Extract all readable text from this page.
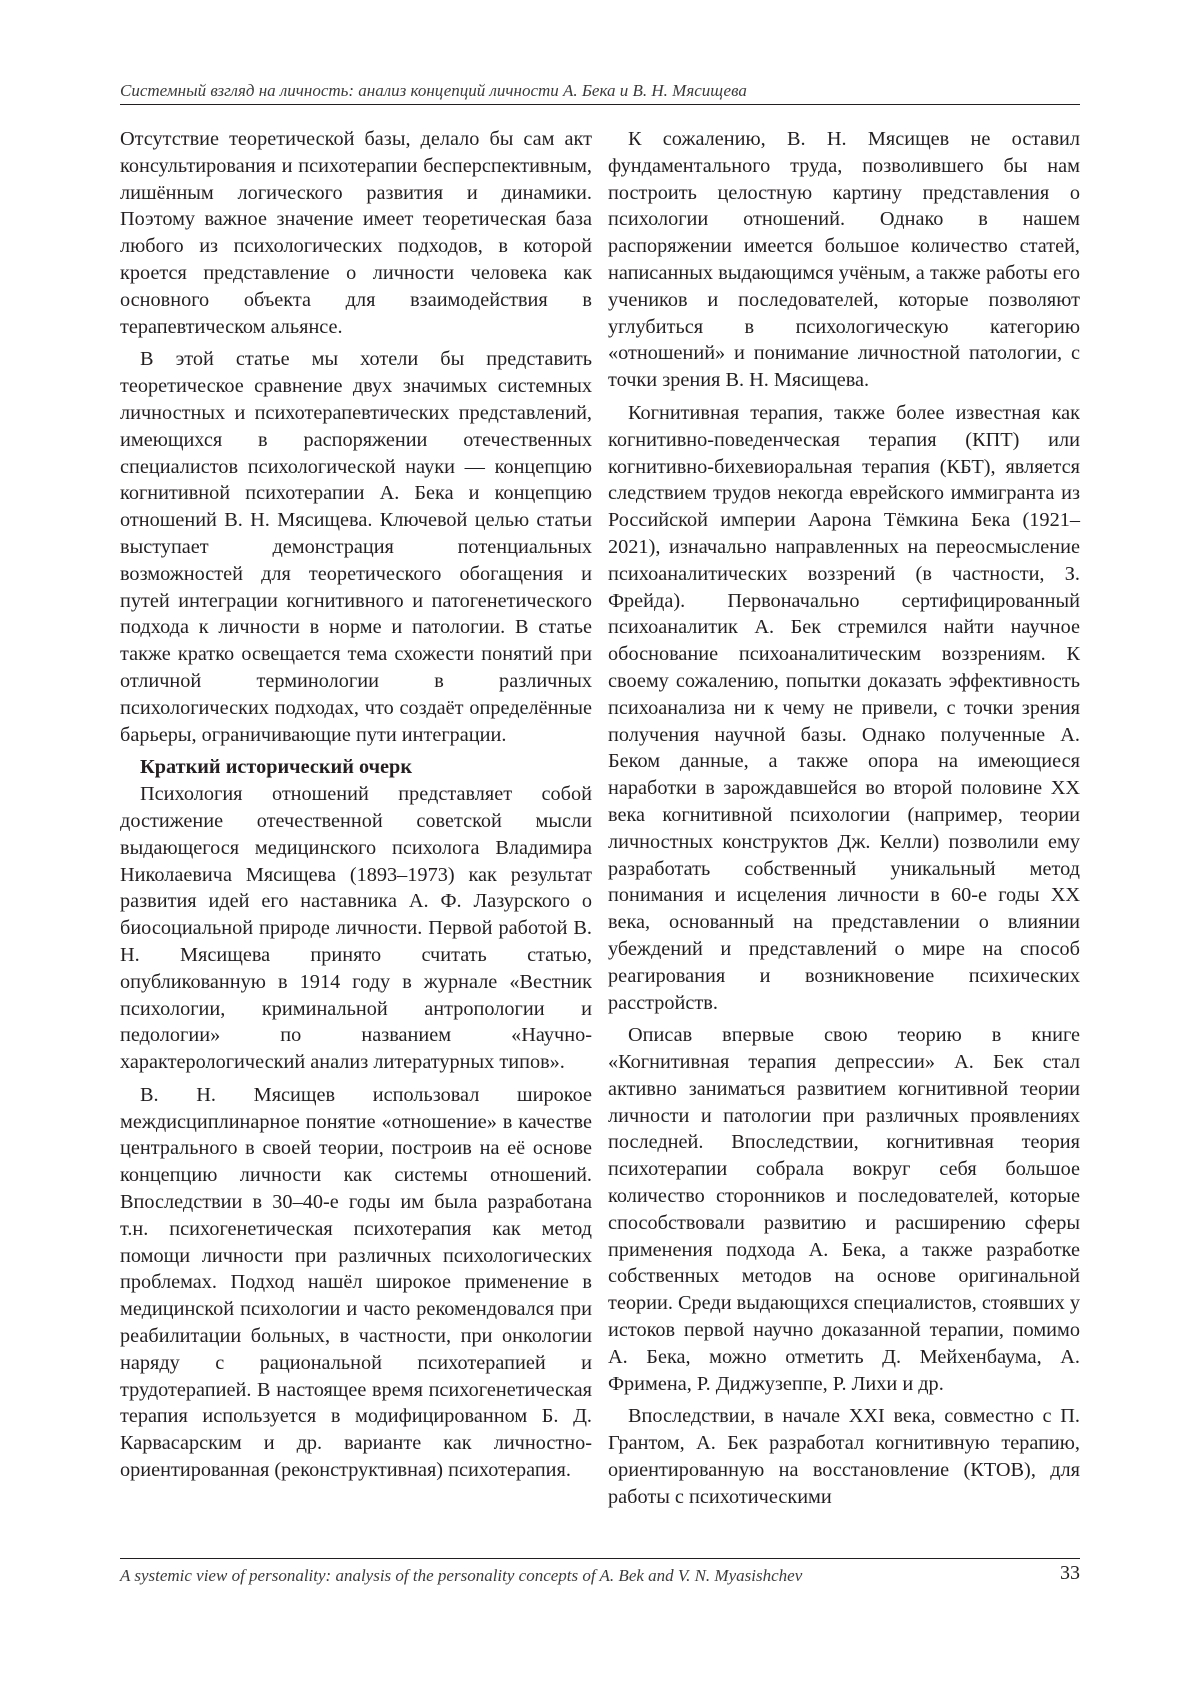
Системный взгляд на личность: анализ концепций личности А. Бека и В. Н. Мясищева

Отсутствие теоретической базы, делало бы сам акт консультирования и психотерапии бесперспективным, лишённым логического развития и динамики. Поэтому важное значение имеет теоретическая база любого из психологических подходов, в которой кроется представление о личности человека как основного объекта для взаимодействия в терапевтическом альянсе.

В этой статье мы хотели бы представить теоретическое сравнение двух значимых системных личностных и психотерапевтических представлений, имеющихся в распоряжении отечественных специалистов психологической науки — концепцию когнитивной психотерапии А. Бека и концепцию отношений В. Н. Мясищева. Ключевой целью статьи выступает демонстрация потенциальных возможностей для теоретического обогащения и путей интеграции когнитивного и патогенетического подхода к личности в норме и патологии. В статье также кратко освещается тема схожести понятий при отличной терминологии в различных психологических подходах, что создаёт определённые барьеры, ограничивающие пути интеграции.

Краткий исторический очерк

Психология отношений представляет собой достижение отечественной советской мысли выдающегося медицинского психолога Владимира Николаевича Мясищева (1893–1973) как результат развития идей его наставника А. Ф. Лазурского о биосоциальной природе личности. Первой работой В. Н. Мясищева принято считать статью, опубликованную в 1914 году в журнале «Вестник психологии, криминальной антропологии и педологии» по названием «Научно-характерологический анализ литературных типов».

В. Н. Мясищев использовал широкое междисциплинарное понятие «отношение» в качестве центрального в своей теории, построив на её основе концепцию личности как системы отношений. Впоследствии в 30–40-е годы им была разработана т.н. психогенетическая психотерапия как метод помощи личности при различных психологических проблемах. Подход нашёл широкое применение в медицинской психологии и часто рекомендовался при реабилитации больных, в частности, при онкологии наряду с рациональной психотерапией и трудотерапией. В настоящее время психогенетическая терапия используется в модифицированном Б. Д. Карвасарским и др. варианте как личностно-ориентированная (реконструктивная) психотерапия.

К сожалению, В. Н. Мясищев не оставил фундаментального труда, позволившего бы нам построить целостную картину представления о психологии отношений. Однако в нашем распоряжении имеется большое количество статей, написанных выдающимся учёным, а также работы его учеников и последователей, которые позволяют углубиться в психологическую категорию «отношений» и понимание личностной патологии, с точки зрения В. Н. Мясищева.

Когнитивная терапия, также более известная как когнитивно-поведенческая терапия (КПТ) или когнитивно-бихевиоральная терапия (КБТ), является следствием трудов некогда еврейского иммигранта из Российской империи Аарона Тёмкина Бека (1921–2021), изначально направленных на переосмысление психоаналитических воззрений (в частности, З. Фрейда). Первоначально сертифицированный психоаналитик А. Бек стремился найти научное обоснование психоаналитическим воззрениям. К своему сожалению, попытки доказать эффективность психоанализа ни к чему не привели, с точки зрения получения научной базы. Однако полученные А. Беком данные, а также опора на имеющиеся наработки в зарождавшейся во второй половине XX века когнитивной психологии (например, теории личностных конструктов Дж. Келли) позволили ему разработать собственный уникальный метод понимания и исцеления личности в 60-е годы XX века, основанный на представлении о влиянии убеждений и представлений о мире на способ реагирования и возникновение психических расстройств.

Описав впервые свою теорию в книге «Когнитивная терапия депрессии» А. Бек стал активно заниматься развитием когнитивной теории личности и патологии при различных проявлениях последней. Впоследствии, когнитивная теория психотерапии собрала вокруг себя большое количество сторонников и последователей, которые способствовали развитию и расширению сферы применения подхода А. Бека, а также разработке собственных методов на основе оригинальной теории. Среди выдающихся специалистов, стоявших у истоков первой научно доказанной терапии, помимо А. Бека, можно отметить Д. Мейхенбаума, А. Фримена, Р. Диджузеппе, Р. Лихи и др.

Впоследствии, в начале XXI века, совместно с П. Грантом, А. Бек разработал когнитивную терапию, ориентированную на восстановление (КТОВ), для работы с психотическими

A systemic view of personality: analysis of the personality concepts of A. Bek and V. N. Myasishchev	33
